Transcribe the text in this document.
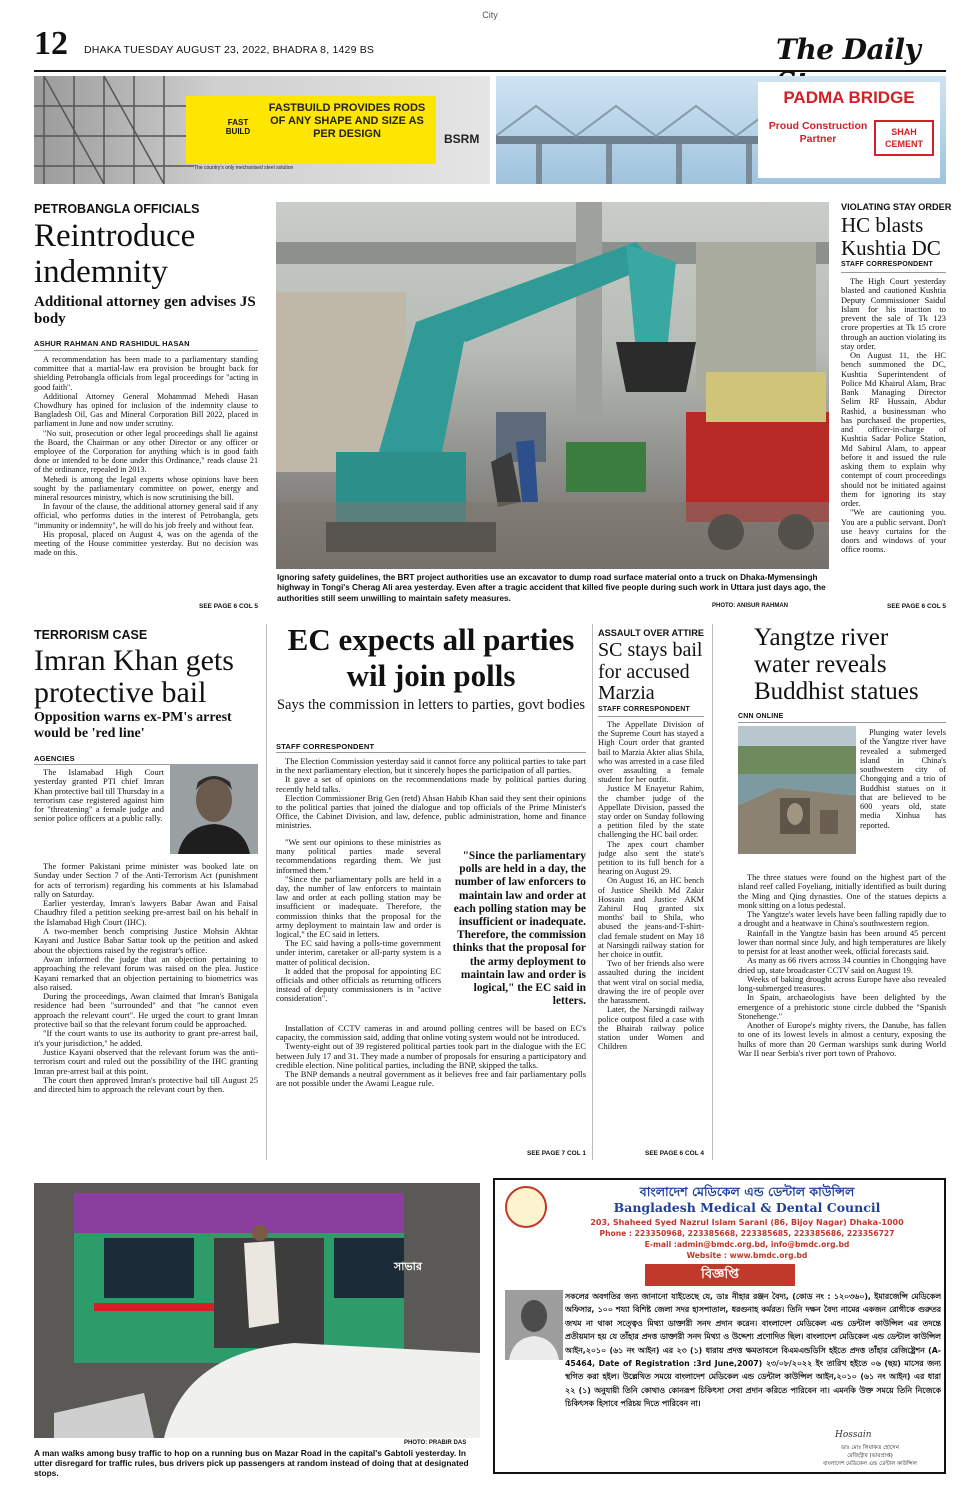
City
12 DHAKA TUESDAY AUGUST 23, 2022, BHADRA 8, 1429 BS	The Daily
FAST BUILD
FASTBUILD PROVIDES RODS OF ANY SHAPE AND SIZE AS PER DESIGN
The country's only mechanised steel solution
BSRM
PADMA BRIDGE
Proud Construction Partner
SHAH CEMENT
PETROBANGLA OFFICIALS
Reintroduce indemnity
Additional attorney gen advises JS body
ASHUR RAHMAN AND RASHIDUL HASAN

A recommendation has been made to a parliamentary standing committee that a martial-law era provision be brought back for shielding Petrobangla officials from legal proceedings for "acting in good faith".

Additional Attorney General Mohammad Mehedi Hasan Chowdhury has opined for inclusion of the indemnity clause to Bangladesh Oil, Gas and Mineral Corporation Bill 2022, placed in parliament in June and now under scrutiny.

"No suit, prosecution or other legal proceedings shall lie against the Board, the Chairman or any other Director or any officer or employee of the Corporation for anything which is in good faith done or intended to be done under this Ordinance," reads clause 21 of the ordinance, repealed in 2013.

Mehedi is among the legal experts whose opinions have been sought by the parliamentary committee on power, energy and mineral resources ministry, which is now scrutinising the bill.

In favour of the clause, the additional attorney general said if any official, who performs duties in the interest of Petrobangla, gets "immunity or indemnity", he will do his job freely and without fear.

His proposal, placed on August 4, was on the agenda of the meeting of the House committee yesterday. But no decision was made on this.

SEE PAGE 6 COL 5
Ignoring safety guidelines, the BRT project authorities use an excavator to dump road surface material onto a truck on Dhaka-Mymensingh highway in Tongi's Cherag Ali area yesterday. Even after a tragic accident that killed five people during such work in Uttara just days ago, the authorities still seem unwilling to maintain safety measures.
PHOTO: ANISUR RAHMAN
VIOLATING STAY ORDER
HC blasts Kushtia DC
STAFF CORRESPONDENT

The High Court yesterday blasted and cautioned Kushtia Deputy Commissioner Saidul Islam for his inaction to prevent the sale of Tk 123 crore properties at Tk 15 crore through an auction violating its stay order.

On August 11, the HC bench summoned the DC, Kushtia Superintendent of Police Md Khairul Alam, Brac Bank Managing Director Selim RF Hussain, Abdur Rashid, a businessman who has purchased the properties, and officer-in-charge of Kushtia Sadar Police Station, Md Sabirul Alam, to appear before it and issued the rule asking them to explain why contempt of court proceedings should not be initiated against them for ignoring its stay order.

"We are cautioning you. You are a public servant. Don't use heavy curtains for the doors and windows of your office rooms.

SEE PAGE 6 COL 5
TERRORISM CASE
Imran Khan gets protective bail
Opposition warns ex-PM's arrest would be 'red line'
AGENCIES

The Islamabad High Court yesterday granted PTI chief Imran Khan protective bail till Thursday in a terrorism case registered against him for "threatening" a female judge and senior police officers at a public rally.

The former Pakistani prime minister was booked late on Sunday under Section 7 of the Anti-Terrorism Act (punishment for acts of terrorism) regarding his comments at his Islamabad rally on Saturday.

Earlier yesterday, Imran's lawyers Babar Awan and Faisal Chaudhry filed a petition seeking pre-arrest bail on his behalf in the Islamabad High Court (IHC).

A two-member bench comprising Justice Mohsin Akhtar Kayani and Justice Babar Sattar took up the petition and asked about the objections raised by the registrar's office.

Awan informed the judge that an objection pertaining to approaching the relevant forum was raised on the plea. Justice Kayani remarked that an objection pertaining to biometrics was also raised.

During the proceedings, Awan claimed that Imran's Banigala residence had been "surrounded" and that "he cannot even approach the relevant court". He urged the court to grant Imran protective bail so that the relevant forum could be approached.

"If the court wants to use its authority to grant pre-arrest bail, it's your jurisdiction," he added.

Justice Kayani observed that the relevant forum was the anti-terrorism court and ruled out the possibility of the IHC granting Imran pre-arrest bail at this point.

The court then approved Imran's protective bail till August 25 and directed him to approach the relevant court by then.

EC expects all parties wil join polls
Says the commission in letters to parties, govt bodies
STAFF CORRESPONDENT

The Election Commission yesterday said it cannot force any political parties to take part in the next parliamentary election, but it sincerely hopes the participation of all parties.

It gave a set of opinions on the recommendations made by political parties during recently held talks.

Election Commissioner Brig Gen (retd) Ahsan Habib Khan said they sent their opinions to the political parties that joined the dialogue and top officials of the Prime Minister's Office, the Cabinet Division, and law, defence, public administration, home and finance ministries.

"We sent our opinions to these ministries as many political parties made several recommendations regarding them. We just informed them."

"Since the parliamentary polls are held in a day, the number of law enforcers to maintain law and order at each polling station may be insufficient or inadequate. Therefore, the commission thinks that the proposal for the army deployment to maintain law and order is logical," the EC said in letters.

The EC said having a polls-time government under interim, caretaker or all-party system is a matter of political decision.

It added that the proposal for appointing EC officials and other officials as returning officers instead of deputy commissioners is in "active consideration".

"Since the parliamentary polls are held in a day, the number of law enforcers to maintain law and order at each polling station may be insufficient or inadequate. Therefore, the commission thinks that the proposal for the army deployment to maintain law and order is logical," the EC said in letters.

Installation of CCTV cameras in and around polling centres will be based on EC's capacity, the commission said, adding that online voting system would not be introduced.

Twenty-eight out of 39 registered political parties took part in the dialogue with the EC between July 17 and 31. They made a number of proposals for ensuring a participatory and credible election. Nine political parties, including the BNP, skipped the talks.

The BNP demands a neutral government as it believes free and fair parliamentary polls are not possible under the Awami League rule.

SEE PAGE 7 COL 1
ASSAULT OVER ATTIRE
SC stays bail for accused Marzia
STAFF CORRESPONDENT

The Appellate Division of the Supreme Court has stayed a High Court order that granted bail to Marzia Akter alias Shila, who was arrested in a case filed over assaulting a female student for her outfit.

Justice M Enayetur Rahim, the chamber judge of the Appellate Division, passed the stay order on Sunday following a petition filed by the state challenging the HC bail order.

The apex court chamber judge also sent the state's petition to its full bench for a hearing on August 29.

On August 16, an HC bench of Justice Sheikh Md Zakir Hossain and Justice AKM Zahirul Huq granted six months' bail to Shila, who abused the jeans-and-T-shirt-clad female student on May 18 at Narsingdi railway station for her choice in outfit.

Two of her friends also were assaulted during the incident that went viral on social media, drawing the ire of people over the harassment.

Later, the Narsingdi railway police outpost filed a case with the Bhairab railway police station under Women and Children

SEE PAGE 6 COL 4
Yangtze river water reveals Buddhist statues
CNN ONLINE

Plunging water levels of the Yangtze river have revealed a submerged island in China's southwestern city of Chongqing and a trio of Buddhist statues on it that are believed to be 600 years old, state media Xinhua has reported.

The three statues were found on the highest part of the island reef called Foyeliang, initially identified as built during the Ming and Qing dynasties. One of the statues depicts a monk sitting on a lotus pedestal.

The Yangtze's water levels have been falling rapidly due to a drought and a heatwave in China's southwestern region.

Rainfall in the Yangtze basin has been around 45 percent lower than normal since July, and high temperatures are likely to persist for at least another week, official forecasts said.

As many as 66 rivers across 34 counties in Chongqing have dried up, state broadcaster CCTV said on August 19.

Weeks of baking drought across Europe have also revealed long-submerged treasures.

In Spain, archaeologists have been delighted by the emergence of a prehistoric stone circle dubbed the "Spanish Stonehenge."

Another of Europe's mighty rivers, the Danube, has fallen to one of its lowest levels in almost a century, exposing the hulks of more than 20 German warships sunk during World War II near Serbia's river port town of Prahovo.

সাভার
PHOTO: PRABIR DAS
A man walks among busy traffic to hop on a running bus on Mazar Road in the capital's Gabtoli yesterday. In utter disregard for traffic rules, bus drivers pick up passengers at random instead of doing that at designated stops.
বাংলাদেশ মেডিকেল এন্ড ডেন্টাল কাউন্সিল
Bangladesh Medical & Dental Council
203, Shaheed Syed Nazrul Islam Sarani (86, Bijoy Nagar) Dhaka-1000
Phone : 223350968, 223385668, 223385685, 223385686, 223356727
E-mail :admin@bmdc.org.bd, info@bmdc.org.bd
Website : www.bmdc.org.bd
বিজ্ঞপ্তি
সকলের অবগতির জন্য জানানো যাইতেছে যে, ডাঃ নীহার রঞ্জন বৈদ্য, (কোড নং : ১২০৩৬০), ইমারজেন্সি মেডিকেল অফিসার, ১০০ শয্যা বিশিষ্ট জেলা সদর হাসপাতাল, ধরগুনাহ কর্মরত। তিনি দক্ষন বৈদ্য নামের একজন রোগীকে গুরুতর জখম না থাকা সত্ত্বেও মিথ্যা ডাক্তারী সনদ প্রদান করেন। বাংলাদেশ মেডিকেল এন্ড ডেন্টাল কাউন্সিল এর তদন্তে প্রতীয়মান হয় যে তাঁহার প্রদত্ত ডাক্তারী সনদ মিথ্যা ও উদ্দেশ্য প্রণোদিত ছিল। বাংলাদেশ মেডিকেল এন্ড ডেন্টাল কাউন্সিল আইন,২০১০ (৬১ নং আইন) এর ২৩ (১) ধারায় প্রদত্ত ক্ষমতাবলে বিএমএন্ডডিসি হইতে প্রদত্ত তাঁহার রেজিষ্ট্রেশন (A-45464, Date of Registration :3rd June,2007) ২৩/০৮/২০২২ ইং তারিখ হইতে ০৬ (ছয়) মাসের জন্য স্থগিত করা হইল। উল্লেখিত সময়ে বাংলাদেশ মেডিকেল এন্ড ডেন্টাল কাউন্সিল আইন,২০১০ (৬১ নং আইন) এর ধারা ২২ (১) অনুযায়ী তিনি কোথাও কোনরূপ চিকিৎসা সেবা প্রদান করিতে পারিবেন না। এমনকি উক্ত সময়ে তিনি নিজেকে চিকিৎসক হিসাবে পরিচয় দিতে পারিবেন না।
Hossain
ডাঃ মোঃ লিয়াকত হোসেন
রেজিস্ট্রার (ভারপ্রাপ্ত)
বাংলাদেশ মেডিকেল এন্ড ডেন্টাল কাউন্সিল
